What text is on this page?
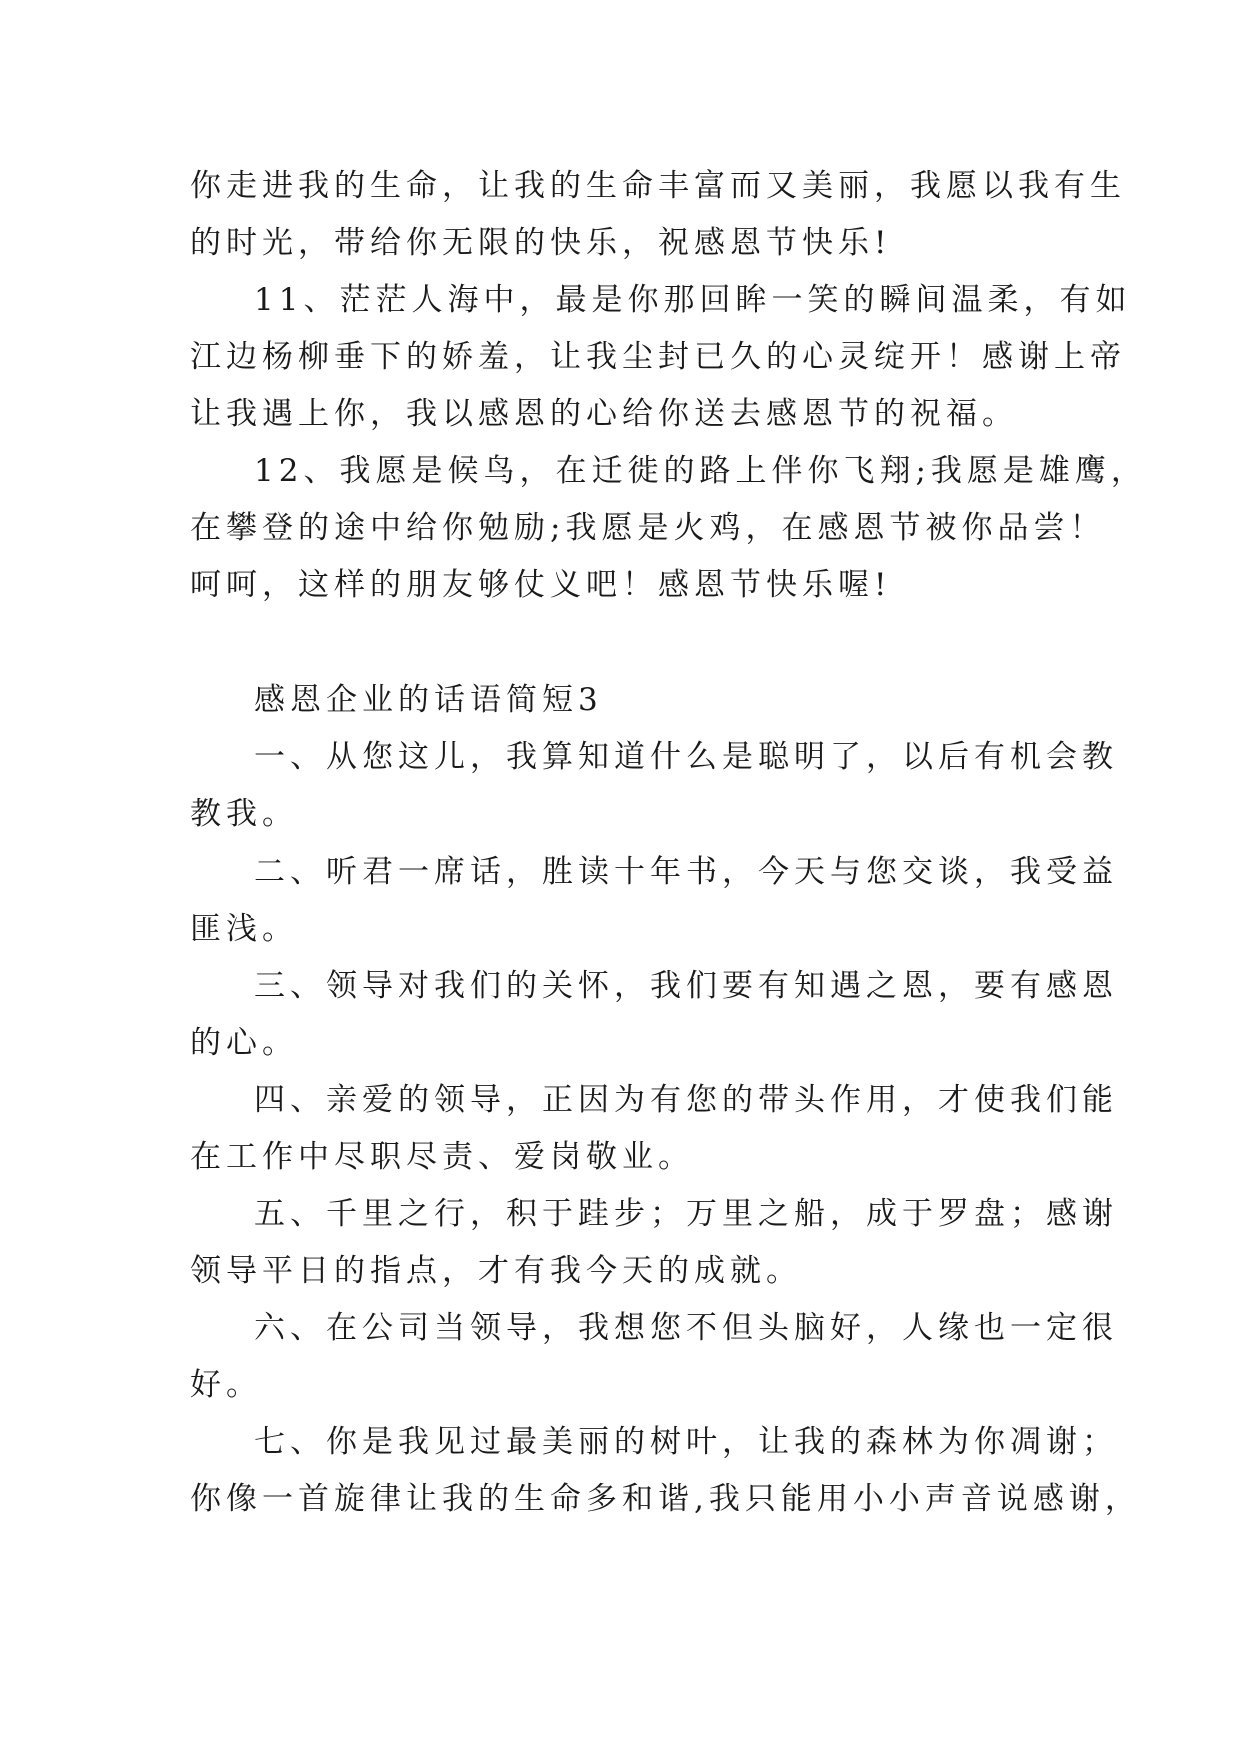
你走进我的生命，让我的生命丰富而又美丽，我愿以我有生
的时光，带给你无限的快乐，祝感恩节快乐!
11、茫茫人海中，最是你那回眸一笑的瞬间温柔，有如
江边杨柳垂下的娇羞，让我尘封已久的心灵绽开！感谢上帝
让我遇上你，我以感恩的心给你送去感恩节的祝福。
12、我愿是候鸟，在迁徙的路上伴你飞翔;我愿是雄鹰，
在攀登的途中给你勉励;我愿是火鸡，在感恩节被你品尝！
呵呵，这样的朋友够仗义吧！感恩节快乐喔!
感恩企业的话语简短3
一、从您这儿，我算知道什么是聪明了，以后有机会教
教我。
二、听君一席话，胜读十年书，今天与您交谈，我受益
匪浅。
三、领导对我们的关怀，我们要有知遇之恩，要有感恩
的心。
四、亲爱的领导，正因为有您的带头作用，才使我们能
在工作中尽职尽责、爱岗敬业。
五、千里之行，积于跬步；万里之船，成于罗盘；感谢
领导平日的指点，才有我今天的成就。
六、在公司当领导，我想您不但头脑好，人缘也一定很
好。
七、你是我见过最美丽的树叶，让我的森林为你凋谢；
你像一首旋律让我的生命多和谐,我只能用小小声音说感谢，
